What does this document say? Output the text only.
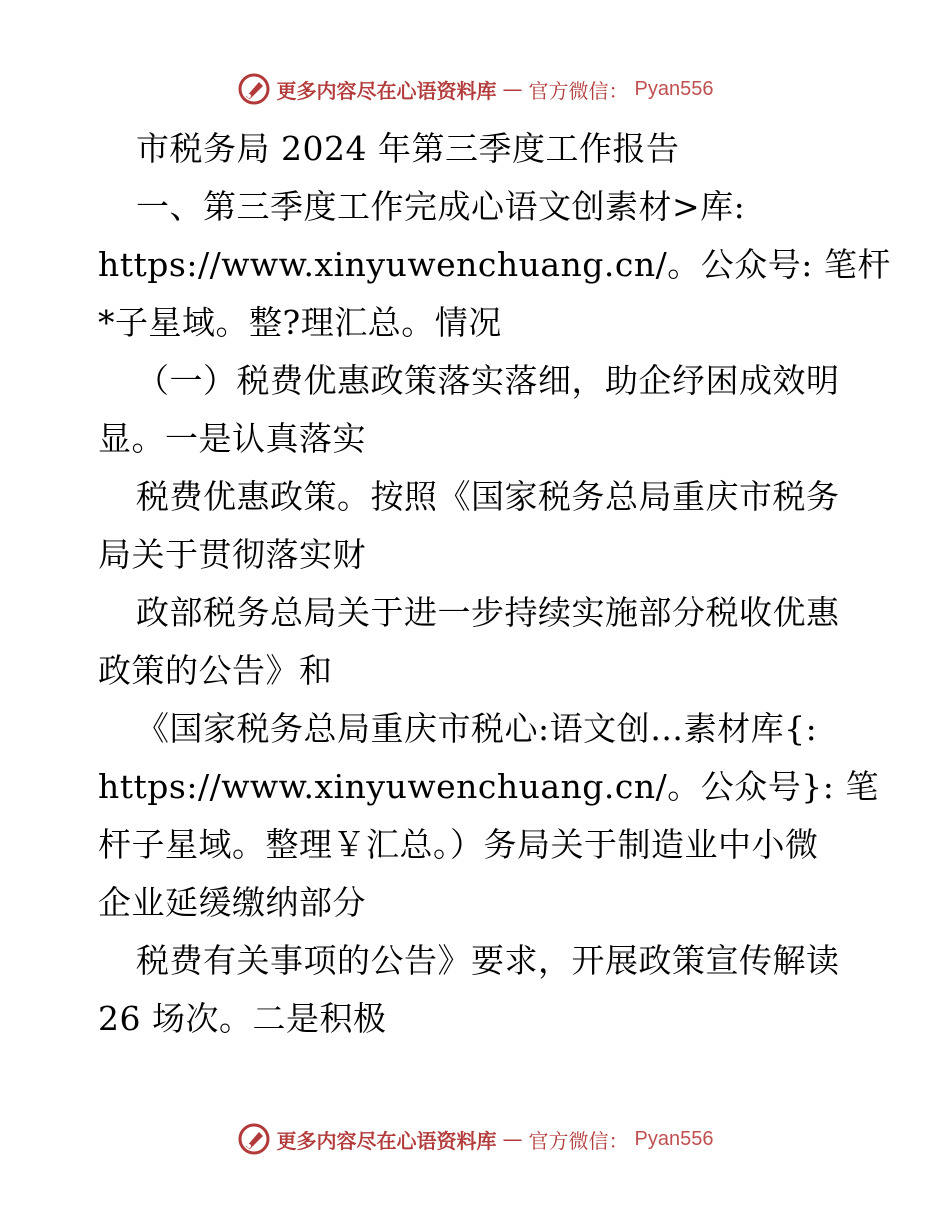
更多内容尽在心语资料库 — 官方微信： Pyan556
市税务局 2024 年第三季度工作报告
一、第三季度工作完成心语文创素材>库:
https://www.xinyuwenchuang.cn/。公众号: 笔杆
*子星域。整?理汇总。情况
（一）税费优惠政策落实落细，助企纾困成效明
显。一是认真落实
税费优惠政策。按照《国家税务总局重庆市税务
局关于贯彻落实财
政部税务总局关于进一步持续实施部分税收优惠
政策的公告》和
《国家税务总局重庆市税心:语文创…素材库{:
https://www.xinyuwenchuang.cn/。公众号}: 笔
杆子星域。整理￥汇总。）务局关于制造业中小微
企业延缓缴纳部分
税费有关事项的公告》要求，开展政策宣传解读
26 场次。二是积极
更多内容尽在心语资料库 — 官方微信： Pyan556
